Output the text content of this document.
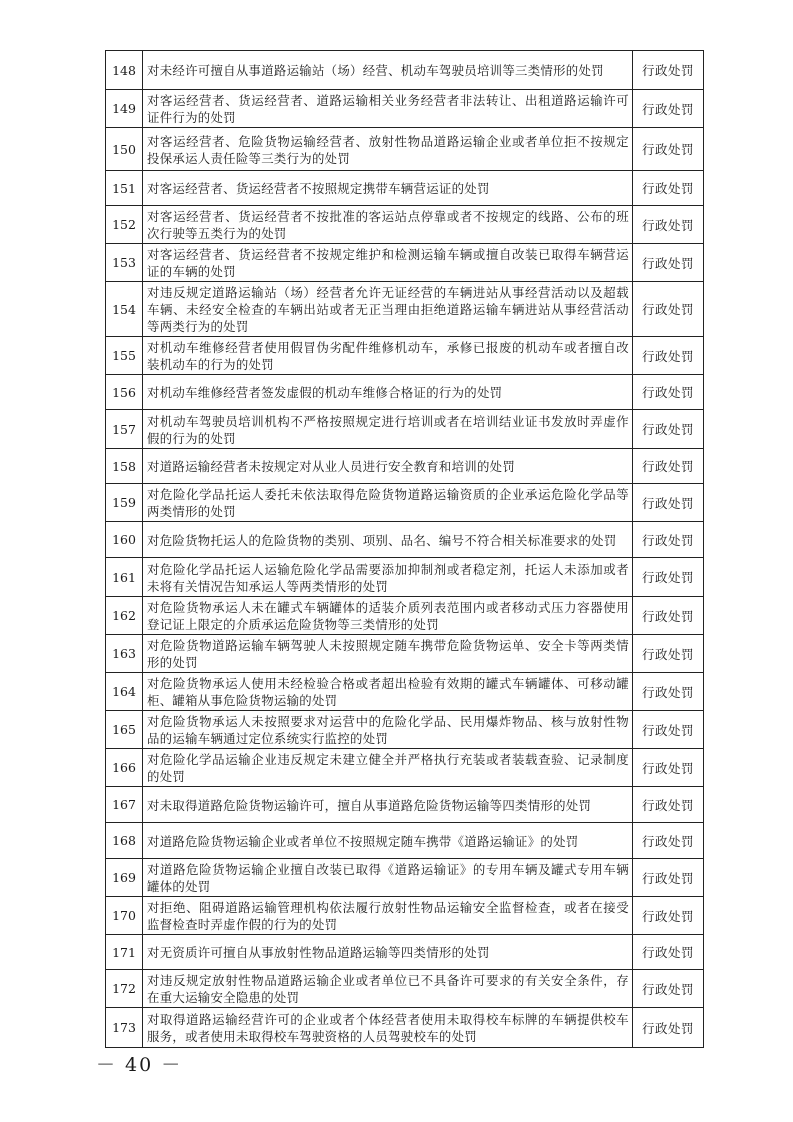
148	对未经许可擅自从事道路运输站（场）经营、机动车驾驶员培训等三类情形的处罚	行政处罚
149	对客运经营者、货运经营者、道路运输相关业务经营者非法转让、出租道路运输许可证件行为的处罚	行政处罚
150	对客运经营者、危险货物运输经营者、放射性物品道路运输企业或者单位拒不按规定投保承运人责任险等三类行为的处罚	行政处罚
151	对客运经营者、货运经营者不按照规定携带车辆营运证的处罚	行政处罚
152	对客运经营者、货运经营者不按批准的客运站点停靠或者不按规定的线路、公布的班次行驶等五类行为的处罚	行政处罚
153	对客运经营者、货运经营者不按规定维护和检测运输车辆或擅自改装已取得车辆营运证的车辆的处罚	行政处罚
154	对违反规定道路运输站（场）经营者允许无证经营的车辆进站从事经营活动以及超载车辆、未经安全检查的车辆出站或者无正当理由拒绝道路运输车辆进站从事经营活动等两类行为的处罚	行政处罚
155	对机动车维修经营者使用假冒伪劣配件维修机动车，承修已报废的机动车或者擅自改装机动车的行为的处罚	行政处罚
156	对机动车维修经营者签发虚假的机动车维修合格证的行为的处罚	行政处罚
157	对机动车驾驶员培训机构不严格按照规定进行培训或者在培训结业证书发放时弄虚作假的行为的处罚	行政处罚
158	对道路运输经营者未按规定对从业人员进行安全教育和培训的处罚	行政处罚
159	对危险化学品托运人委托未依法取得危险货物道路运输资质的企业承运危险化学品等两类情形的处罚	行政处罚
160	对危险货物托运人的危险货物的类别、项别、品名、编号不符合相关标准要求的处罚	行政处罚
161	对危险化学品托运人运输危险化学品需要添加抑制剂或者稳定剂，托运人未添加或者未将有关情况告知承运人等两类情形的处罚	行政处罚
162	对危险货物承运人未在罐式车辆罐体的适装介质列表范围内或者移动式压力容器使用登记证上限定的介质承运危险货物等三类情形的处罚	行政处罚
163	对危险货物道路运输车辆驾驶人未按照规定随车携带危险货物运单、安全卡等两类情形的处罚	行政处罚
164	对危险货物承运人使用未经检验合格或者超出检验有效期的罐式车辆罐体、可移动罐柜、罐箱从事危险货物运输的处罚	行政处罚
165	对危险货物承运人未按照要求对运营中的危险化学品、民用爆炸物品、核与放射性物品的运输车辆通过定位系统实行监控的处罚	行政处罚
166	对危险化学品运输企业违反规定未建立健全并严格执行充装或者装载查验、记录制度的处罚	行政处罚
167	对未取得道路危险货物运输许可，擅自从事道路危险货物运输等四类情形的处罚	行政处罚
168	对道路危险货物运输企业或者单位不按照规定随车携带《道路运输证》的处罚	行政处罚
169	对道路危险货物运输企业擅自改装已取得《道路运输证》的专用车辆及罐式专用车辆罐体的处罚	行政处罚
170	对拒绝、阻碍道路运输管理机构依法履行放射性物品运输安全监督检查，或者在接受监督检查时弄虚作假的行为的处罚	行政处罚
171	对无资质许可擅自从事放射性物品道路运输等四类情形的处罚	行政处罚
172	对违反规定放射性物品道路运输企业或者单位已不具备许可要求的有关安全条件，存在重大运输安全隐患的处罚	行政处罚
173	对取得道路运输经营许可的企业或者个体经营者使用未取得校车标牌的车辆提供校车服务，或者使用未取得校车驾驶资格的人员驾驶校车的处罚	行政处罚
－ 40 －
